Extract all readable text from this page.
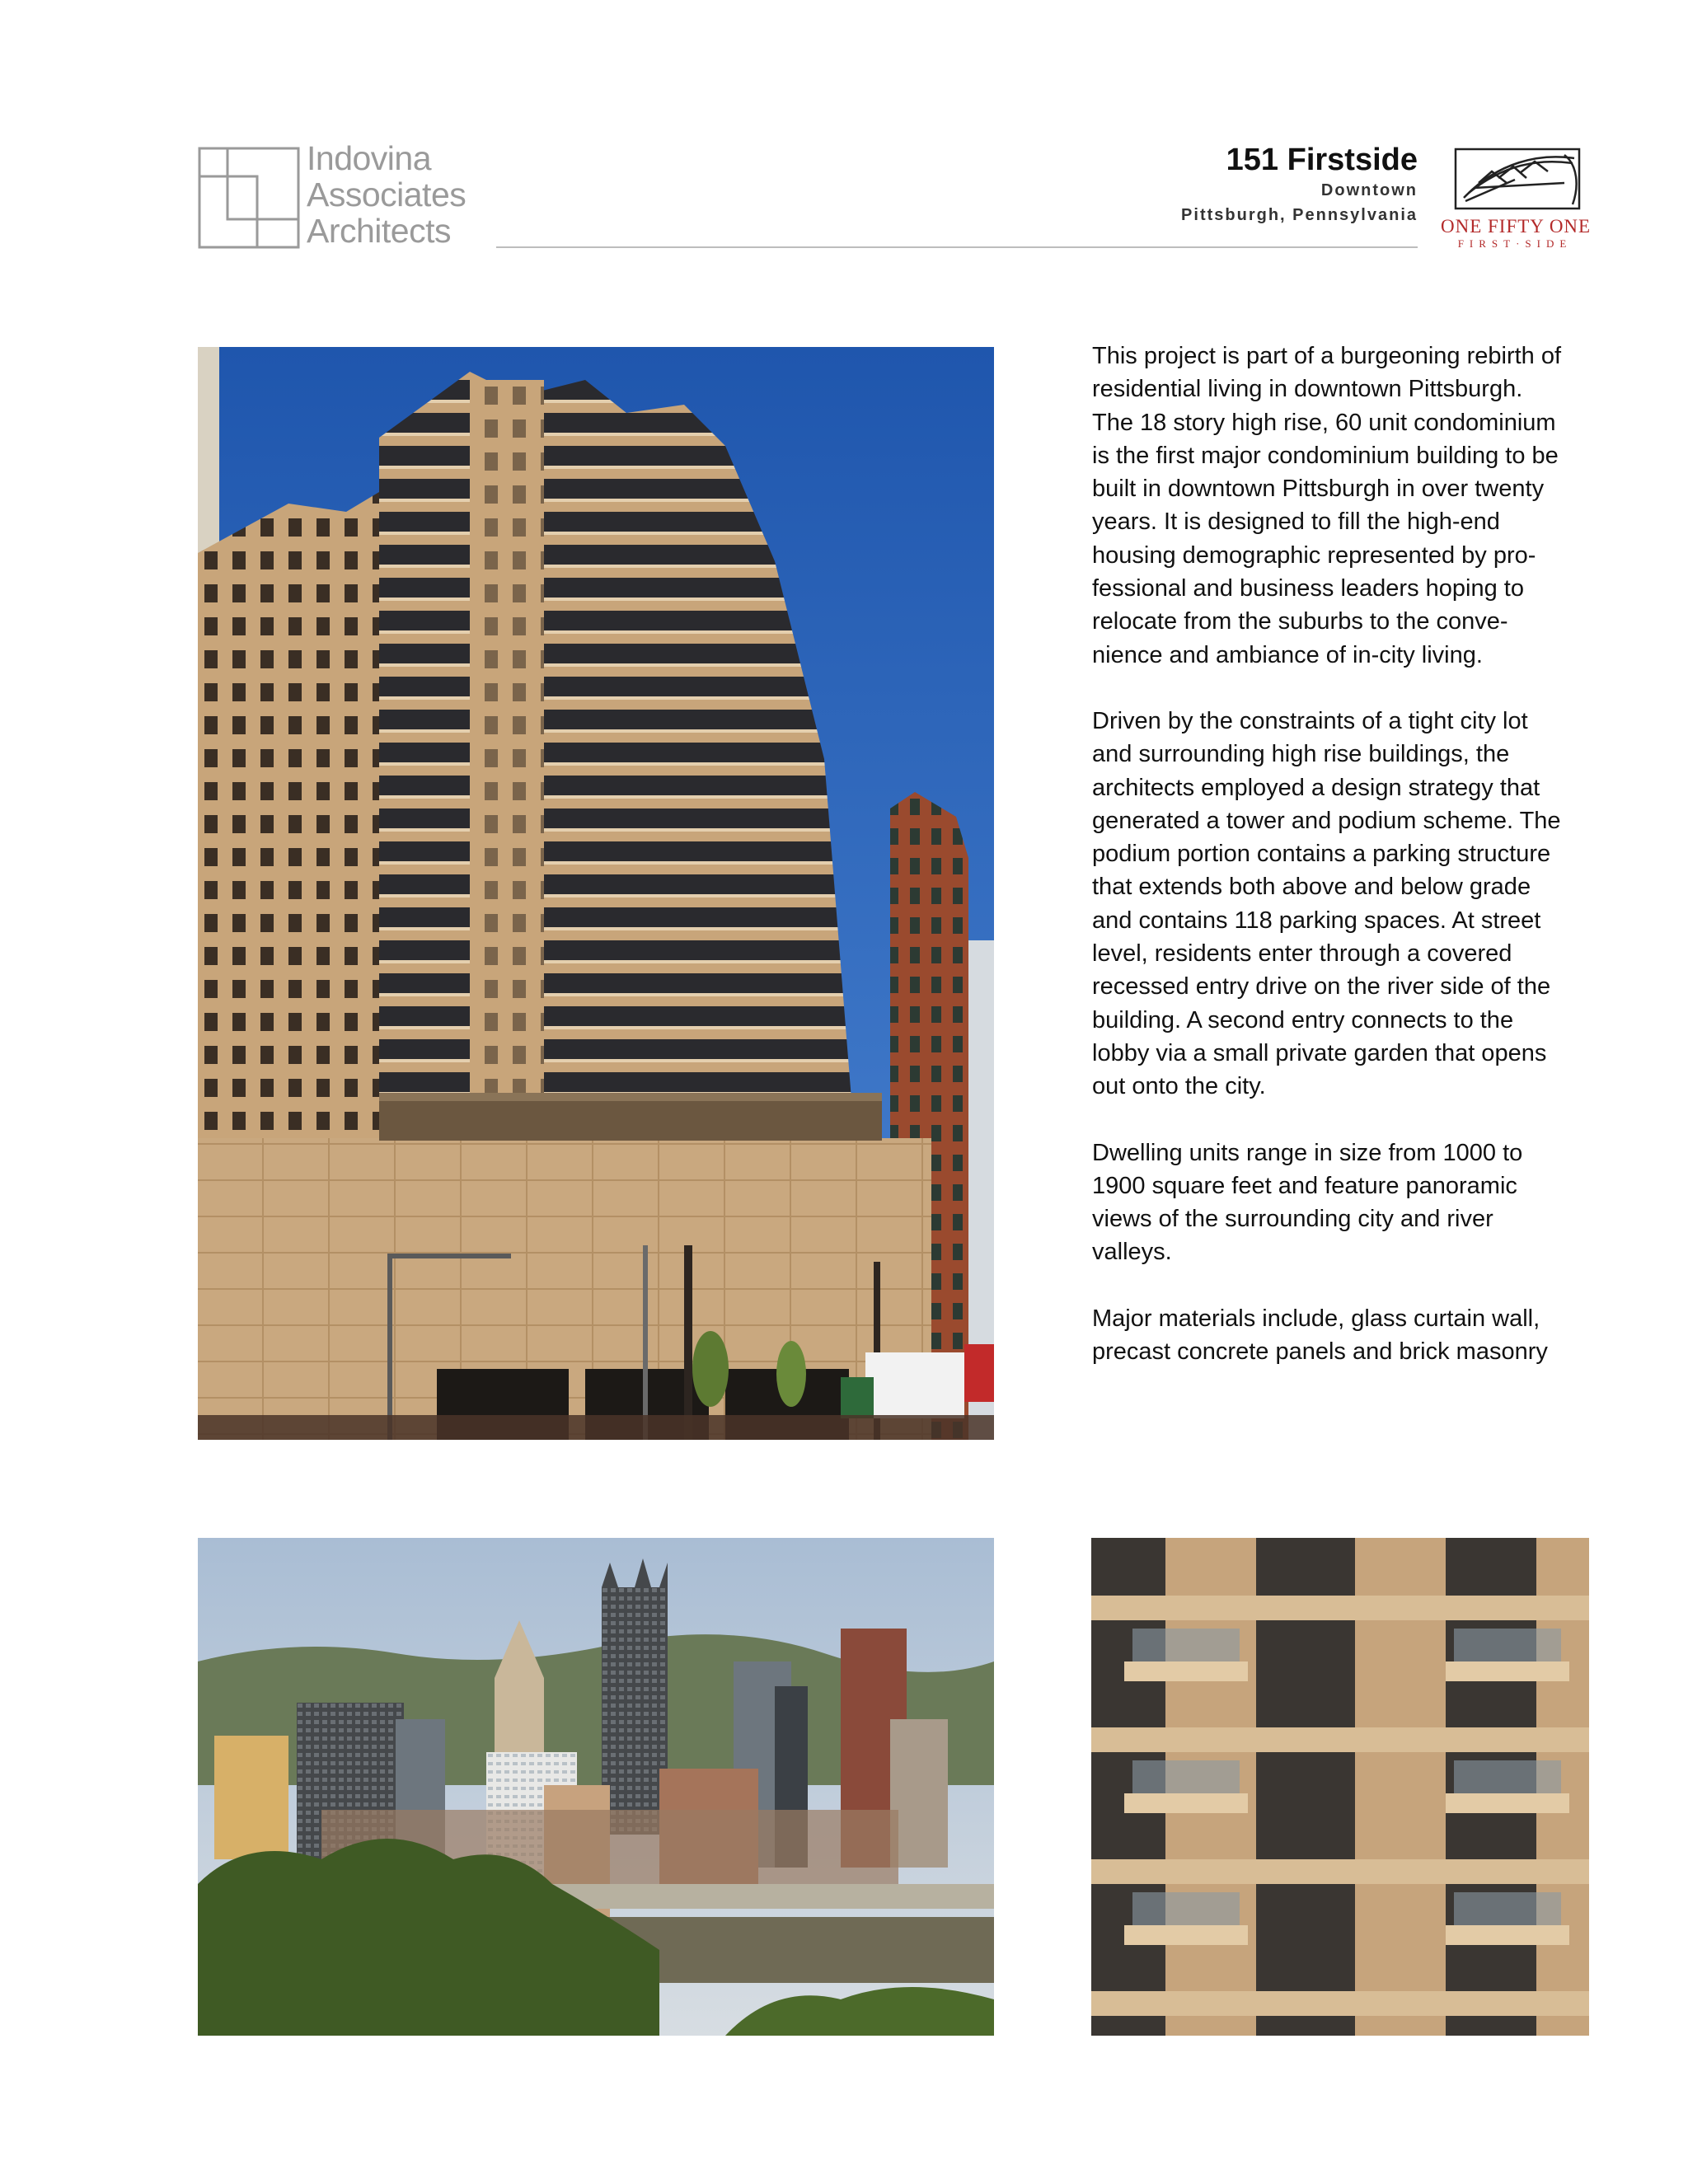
Indovina
Associates
Architects
151 Firstside
Downtown
Pittsburgh, Pennsylvania
ONE FIFTY ONE
FIRST·SIDE

This project is part of a burgeoning rebirth of
residential living in downtown Pittsburgh.
The 18 story high rise, 60 unit condominium
is the first major condominium building to be
built in downtown Pittsburgh in over twenty
years. It is designed to fill the high-end
housing demographic represented by pro-
fessional and business leaders hoping to
relocate from the suburbs to the conve-
nience and ambiance of in-city living.

Driven by the constraints of a tight city lot
and surrounding high rise buildings, the
architects employed a design strategy that
generated a tower and podium scheme. The
podium portion contains a parking structure
that extends both above and below grade
and contains 118 parking spaces. At street
level, residents enter through a covered
recessed entry drive on the river side of the
building. A second entry connects to the
lobby via a small private garden that opens
out onto the city.

Dwelling units range in size from 1000 to
1900 square feet and feature panoramic
views of the surrounding city and river
valleys.

Major materials include, glass curtain wall,
precast concrete panels and brick masonry
